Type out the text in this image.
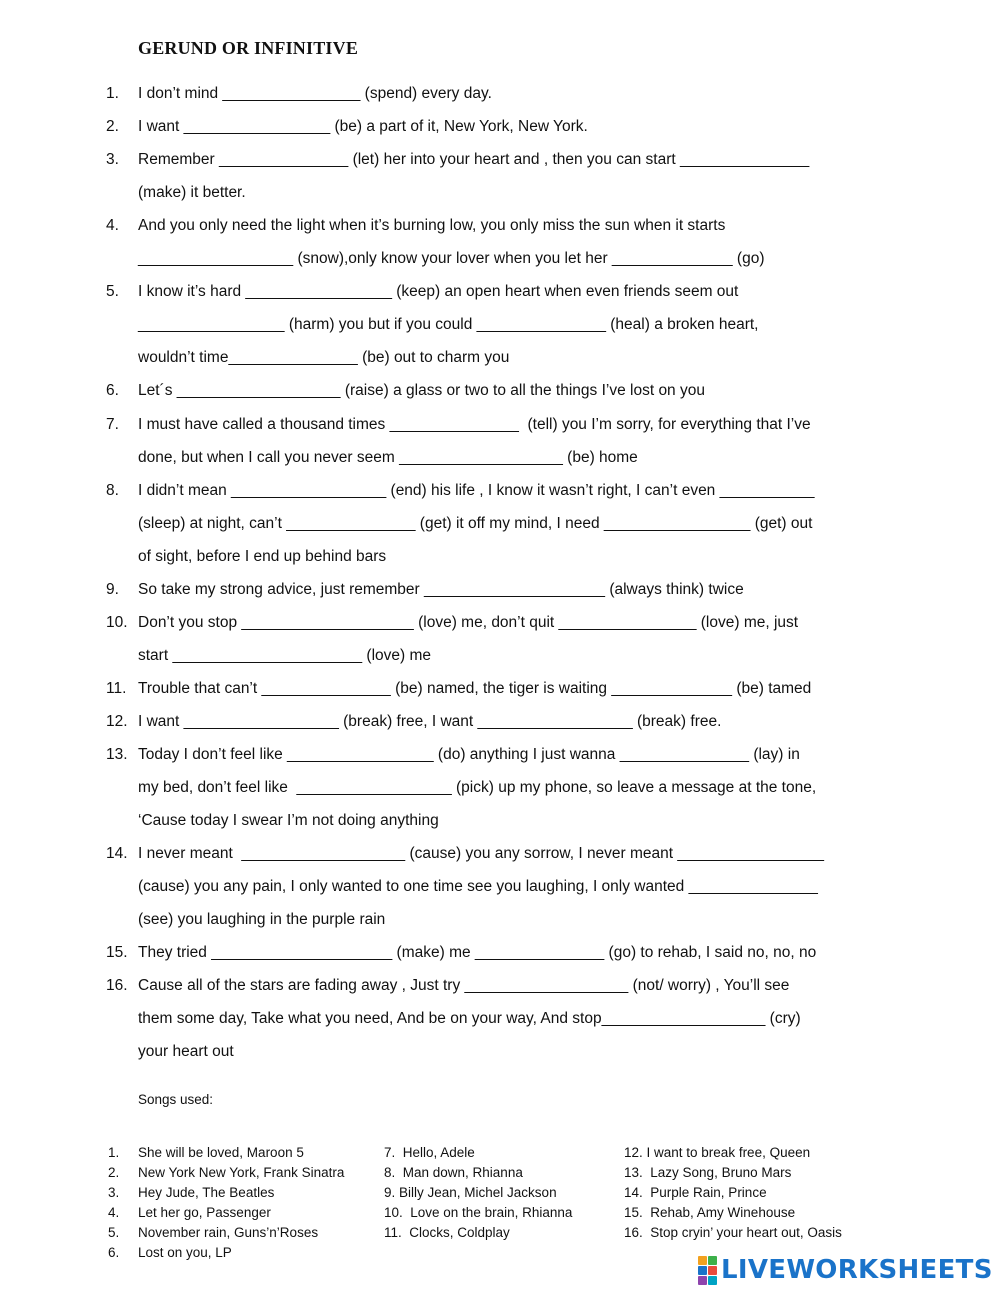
GERUND OR INFINITIVE
1. I don’t mind ________________ (spend) every day.
2. I want _________________ (be) a part of it, New York, New York.
3. Remember _______________ (let) her into your heart and , then you can start _______________
(make) it better.
4. And you only need the light when it’s burning low, you only miss the sun when it starts
__________________ (snow),only know your lover when you let her ______________ (go)
5. I know it’s hard _________________ (keep) an open heart when even friends seem out
_________________ (harm) you but if you could _______________ (heal) a broken heart,
wouldn’t time_______________ (be) out to charm you
6. Let´s ___________________ (raise) a glass or two to all the things I’ve lost on you
7. I must have called a thousand times _______________  (tell) you I’m sorry, for everything that I’ve
done, but when I call you never seem ___________________ (be) home
8. I didn’t mean __________________ (end) his life , I know it wasn’t right, I can’t even ___________
(sleep) at night, can’t _______________ (get) it off my mind, I need _________________ (get) out
of sight, before I end up behind bars
9. So take my strong advice, just remember _____________________ (always think) twice
10. Don’t you stop ____________________ (love) me, don’t quit ________________ (love) me, just
start ______________________ (love) me
11. Trouble that can’t _______________ (be) named, the tiger is waiting ______________ (be) tamed
12. I want __________________ (break) free, I want __________________ (break) free.
13. Today I don’t feel like _________________ (do) anything I just wanna _______________ (lay) in
my bed, don’t feel like  __________________ (pick) up my phone, so leave a message at the tone,
‘Cause today I swear I’m not doing anything
14. I never meant  ___________________ (cause) you any sorrow, I never meant _________________
(cause) you any pain, I only wanted to one time see you laughing, I only wanted _______________
(see) you laughing in the purple rain
15. They tried _____________________ (make) me _______________ (go) to rehab, I said no, no, no
16. Cause all of the stars are fading away , Just try ___________________ (not/ worry) , You’ll see
them some day, Take what you need, And be on your way, And stop___________________ (cry)
your heart out
Songs used:
1. She will be loved, Maroon 5
2. New York New York, Frank Sinatra
3. Hey Jude, The Beatles
4. Let her go, Passenger
5. November rain, Guns’n’Roses
6. Lost on you, LP
7.  Hello, Adele
8.  Man down, Rhianna
9. Billy Jean, Michel Jackson
10.  Love on the brain, Rhianna
11.  Clocks, Coldplay
12. I want to break free, Queen
13.  Lazy Song, Bruno Mars
14.  Purple Rain, Prince
15.  Rehab, Amy Winehouse
16.  Stop cryin’ your heart out, Oasis
LIVEWORKSHEETS
